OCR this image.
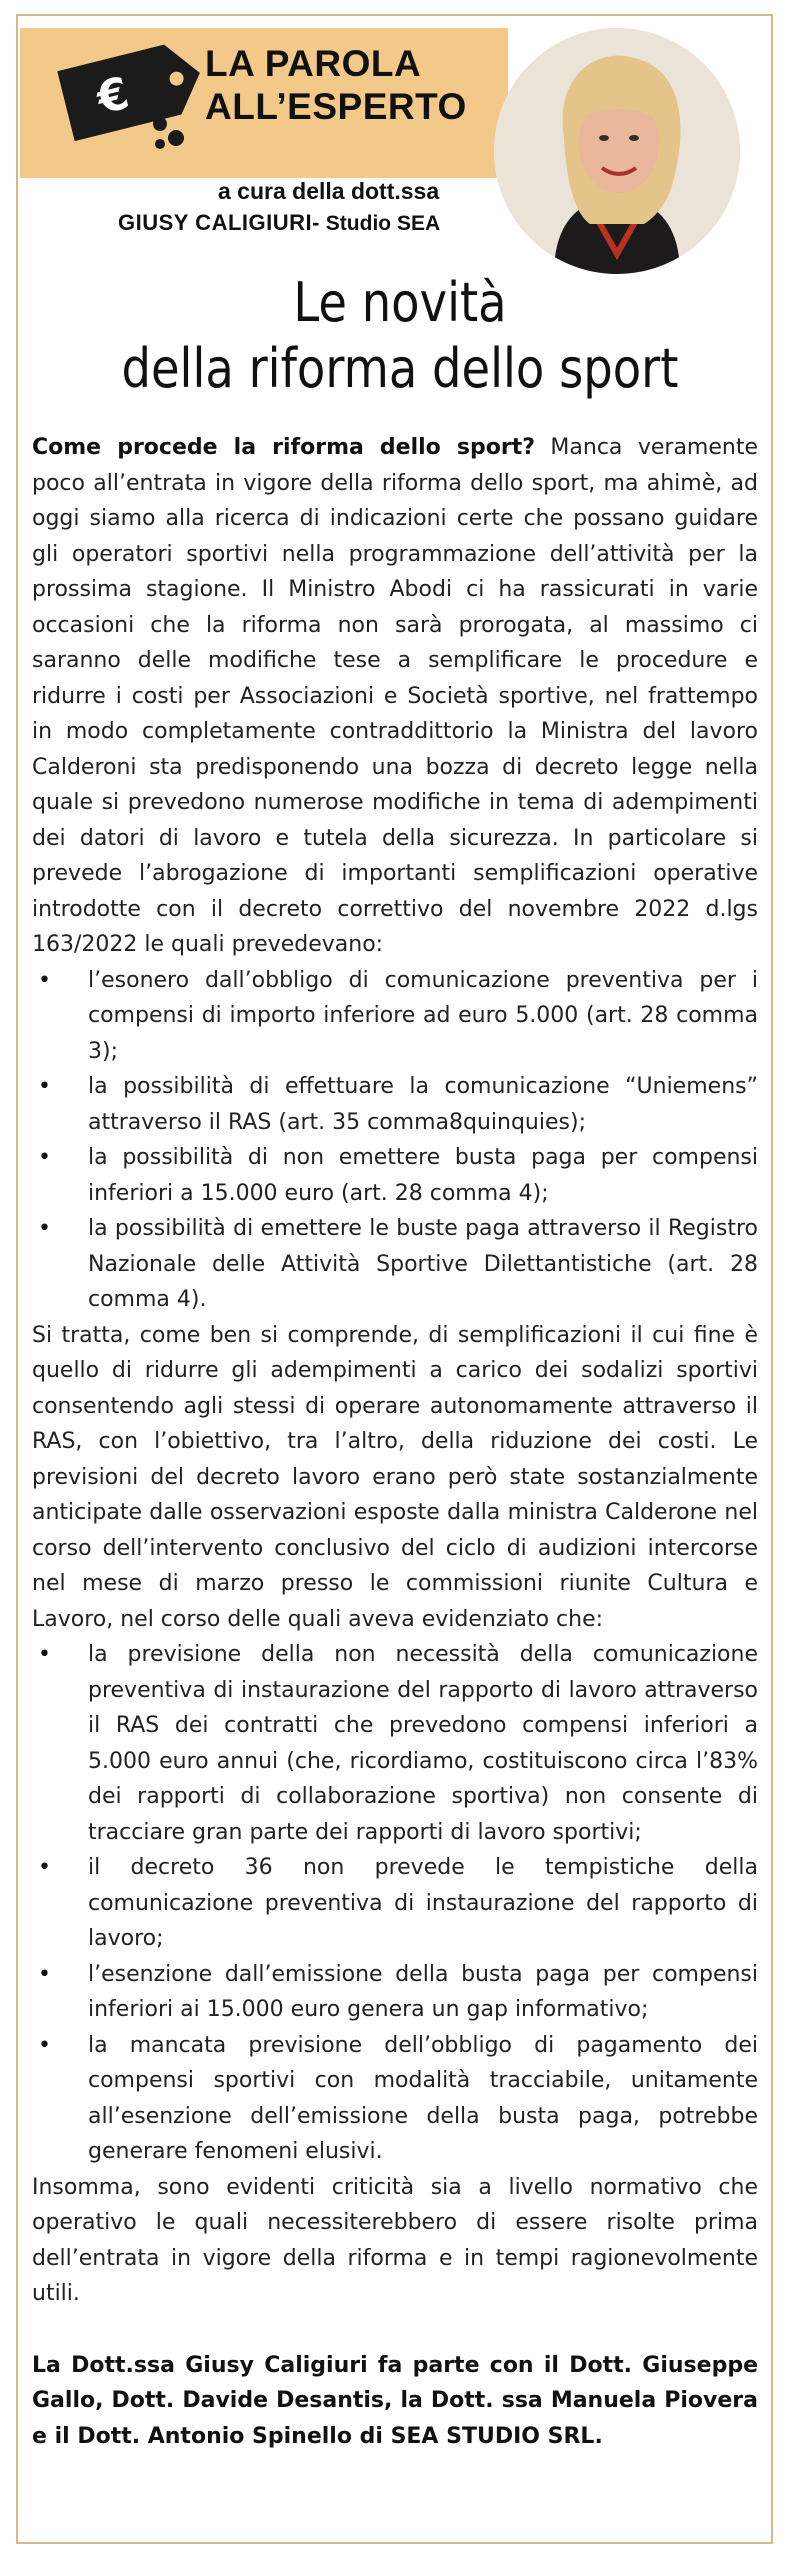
€
LA PAROLA
ALL’ESPERTO
a cura della dott.ssa
GIUSY CALIGIURI- Studio SEA
Le novità
della riforma dello sport

Come procede la riforma dello sport? Manca veramente poco all’entrata in vigore della riforma dello sport, ma ahimè, ad oggi siamo alla ricerca di indicazioni certe che possano guidare gli operatori sportivi nella programmazione dell’attività per la prossima stagione. Il Ministro Abodi ci ha rassicurati in varie occasioni che la riforma non sarà prorogata, al massimo ci saranno delle modifiche tese a semplificare le procedure e ridurre i costi per Associazioni e Società sportive, nel frattempo in modo completamente contraddittorio la Ministra del lavoro Calderoni sta predisponendo una bozza di decreto legge nella quale si prevedono numerose modifiche in tema di adempimenti dei datori di lavoro e tutela della sicurezza. In particolare si prevede l’abrogazione di importanti semplificazioni operative introdotte con il decreto correttivo del novembre 2022 d.lgs 163/2022 le quali prevedevano:

• l’esonero dall’obbligo di comunicazione preventiva per i compensi di importo inferiore ad euro 5.000 (art. 28 comma 3);
• la possibilità di effettuare la comunicazione “Uniemens” attraverso il RAS (art. 35 comma8quinquies);
• la possibilità di non emettere busta paga per compensi inferiori a 15.000 euro (art. 28 comma 4);
• la possibilità di emettere le buste paga attraverso il Registro Nazionale delle Attività Sportive Dilettantistiche (art. 28 comma 4).

Si tratta, come ben si comprende, di semplificazioni il cui fine è quello di ridurre gli adempimenti a carico dei sodalizi sportivi consentendo agli stessi di operare autonomamente attraverso il RAS, con l’obiettivo, tra l’altro, della riduzione dei costi. Le previsioni del decreto lavoro erano però state sostanzialmente anticipate dalle osservazioni esposte dalla ministra Calderone nel corso dell’intervento conclusivo del ciclo di audizioni intercorse nel mese di marzo presso le commissioni riunite Cultura e Lavoro, nel corso delle quali aveva evidenziato che:

• la previsione della non necessità della comunicazione preventiva di instaurazione del rapporto di lavoro attraverso il RAS dei contratti che prevedono compensi inferiori a 5.000 euro annui (che, ricordiamo, costituiscono circa l’83% dei rapporti di collaborazione sportiva) non consente di tracciare gran parte dei rapporti di lavoro sportivi;
• il decreto 36 non prevede le tempistiche della comunicazione preventiva di instaurazione del rapporto di lavoro;
• l’esenzione dall’emissione della busta paga per compensi inferiori ai 15.000 euro genera un gap informativo;
• la mancata previsione dell’obbligo di pagamento dei compensi sportivi con modalità tracciabile, unitamente all’esenzione dell’emissione della busta paga, potrebbe generare fenomeni elusivi.

Insomma, sono evidenti criticità sia a livello normativo che operativo le quali necessiterebbero di essere risolte prima dell’entrata in vigore della riforma e in tempi ragionevolmente utili.

La Dott.ssa Giusy Caligiuri fa parte con il Dott. Giuseppe Gallo, Dott. Davide Desantis, la Dott. ssa Manuela Piovera e il Dott. Antonio Spinello di SEA STUDIO SRL.
